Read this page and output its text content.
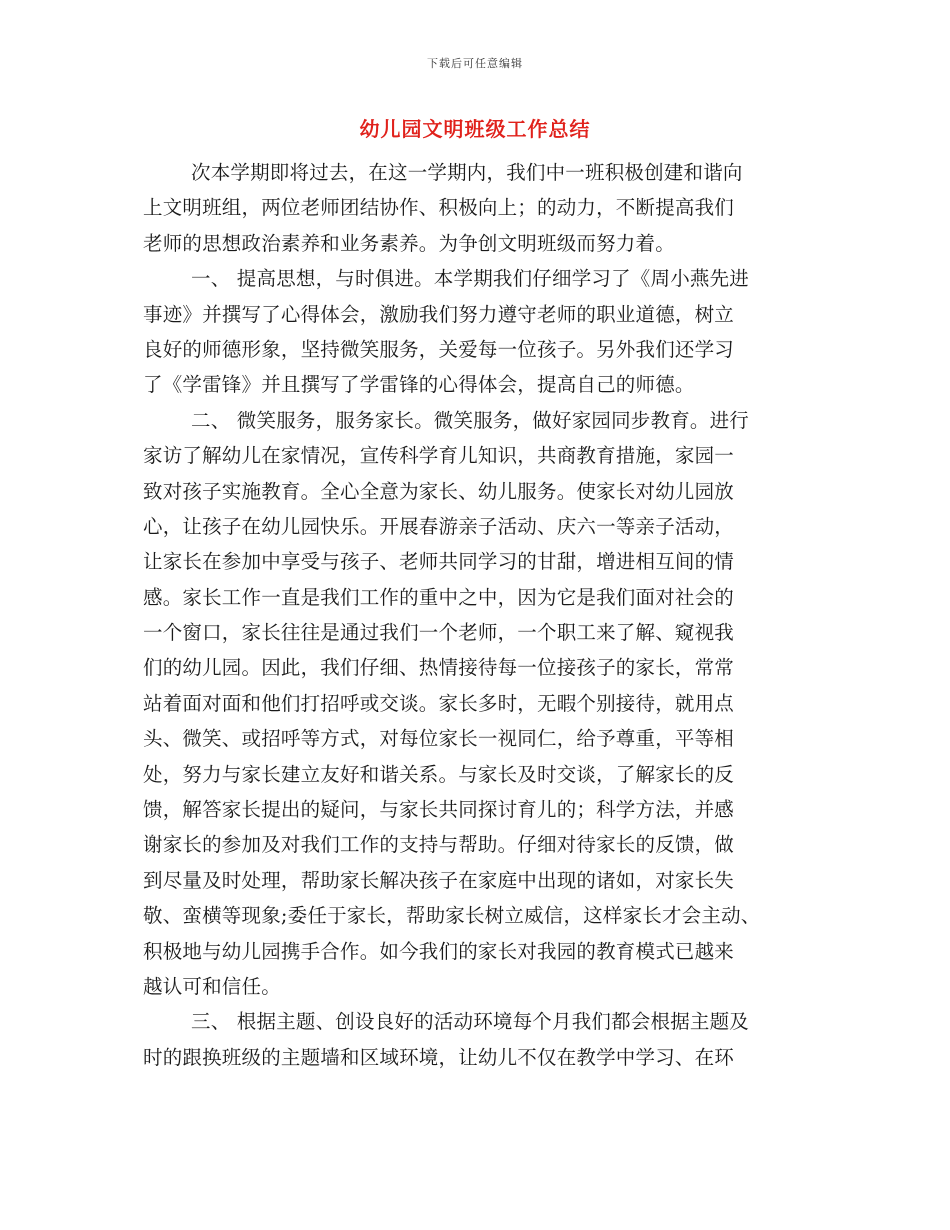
下载后可任意编辑
幼儿园文明班级工作总结
次本学期即将过去，在这一学期内，我们中一班积极创建和谐向
上文明班组，两位老师团结协作、积极向上；的动力，不断提高我们
老师的思想政治素养和业务素养。为争创文明班级而努力着。
一、 提高思想，与时俱进。本学期我们仔细学习了《周小燕先进
事迹》并撰写了心得体会，激励我们努力遵守老师的职业道德，树立
良好的师德形象，坚持微笑服务，关爱每一位孩子。另外我们还学习
了《学雷锋》并且撰写了学雷锋的心得体会，提高自己的师德。
二、 微笑服务，服务家长。微笑服务，做好家园同步教育。进行
家访了解幼儿在家情况，宣传科学育儿知识，共商教育措施，家园一
致对孩子实施教育。全心全意为家长、幼儿服务。使家长对幼儿园放
心，让孩子在幼儿园快乐。开展春游亲子活动、庆六一等亲子活动，
让家长在参加中享受与孩子、老师共同学习的甘甜，增进相互间的情
感。家长工作一直是我们工作的重中之中，因为它是我们面对社会的
一个窗口，家长往往是通过我们一个老师，一个职工来了解、窥视我
们的幼儿园。因此，我们仔细、热情接待每一位接孩子的家长，常常
站着面对面和他们打招呼或交谈。家长多时，无暇个别接待，就用点
头、微笑、或招呼等方式，对每位家长一视同仁，给予尊重，平等相
处，努力与家长建立友好和谐关系。与家长及时交谈，了解家长的反
馈，解答家长提出的疑问，与家长共同探讨育儿的；科学方法，并感
谢家长的参加及对我们工作的支持与帮助。仔细对待家长的反馈，做
到尽量及时处理，帮助家长解决孩子在家庭中出现的诸如，对家长失
敬、蛮横等现象;委任于家长，帮助家长树立威信，这样家长才会主动、
积极地与幼儿园携手合作。如今我们的家长对我园的教育模式已越来
越认可和信任。
三、 根据主题、创设良好的活动环境每个月我们都会根据主题及
时的跟换班级的主题墙和区域环境，让幼儿不仅在教学中学习、在环
